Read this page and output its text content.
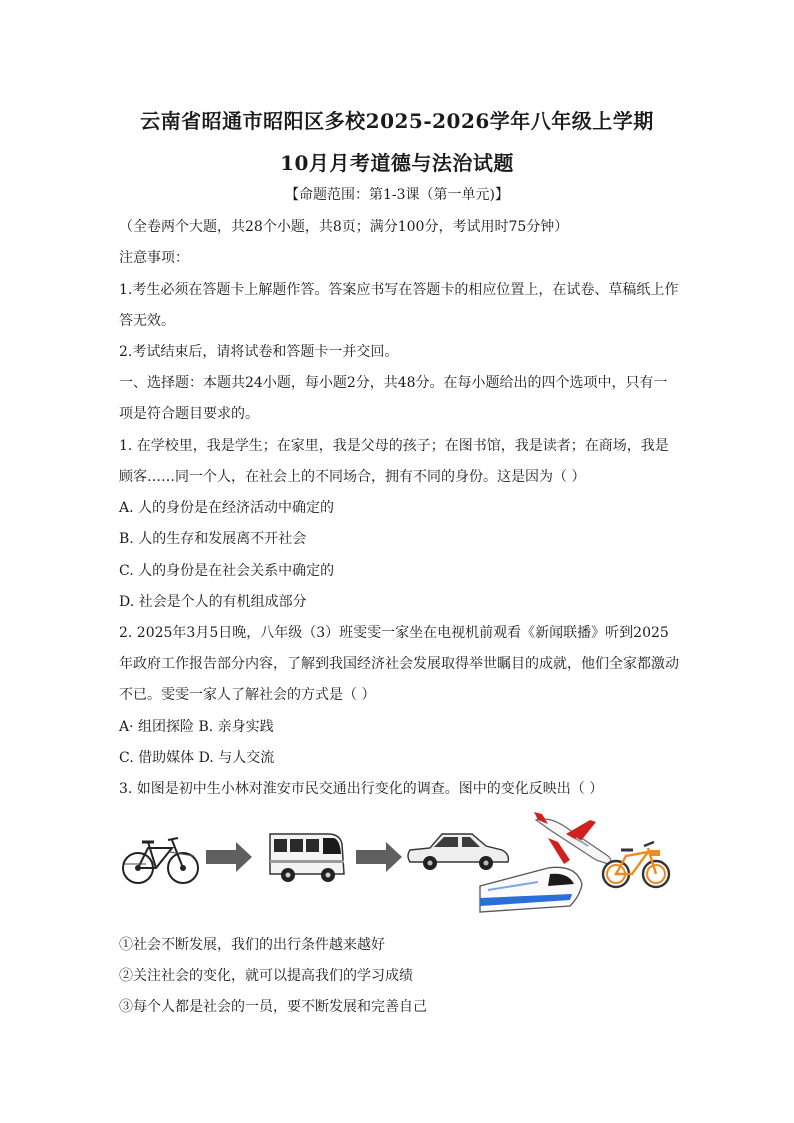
云南省昭通市昭阳区多校2025-2026学年八年级上学期
10月月考道德与法治试题
【命题范围：第1-3课（第一单元)】
（全卷两个大题，共28个小题，共8页；满分100分，考试用时75分钟）
注意事项：
1.考生必须在答题卡上解题作答。答案应书写在答题卡的相应位置上，在试卷、草稿纸上作
答无效。
2.考试结束后，请将试卷和答题卡一并交回。
一、选择题：本题共24小题，每小题2分，共48分。在每小题给出的四个选项中，只有一
项是符合题目要求的。
1. 在学校里，我是学生；在家里，我是父母的孩子；在图书馆，我是读者；在商场，我是
顾客……同一个人，在社会上的不同场合，拥有不同的身份。这是因为（ ）
A. 人的身份是在经济活动中确定的
B. 人的生存和发展离不开社会
C. 人的身份是在社会关系中确定的
D. 社会是个人的有机组成部分
2. 2025年3月5日晚，八年级（3）班雯雯一家坐在电视机前观看《新闻联播》听到2025
年政府工作报告部分内容，了解到我国经济社会发展取得举世瞩目的成就，他们全家都激动
不已。雯雯一家人了解社会的方式是（ ）
A· 组团探险 B. 亲身实践
C. 借助媒体 D. 与人交流
3. 如图是初中生小林对淮安市民交通出行变化的调查。图中的变化反映出（ ）
①社会不断发展，我们的出行条件越来越好
②关注社会的变化，就可以提高我们的学习成绩
③每个人都是社会的一员，要不断发展和完善自己
